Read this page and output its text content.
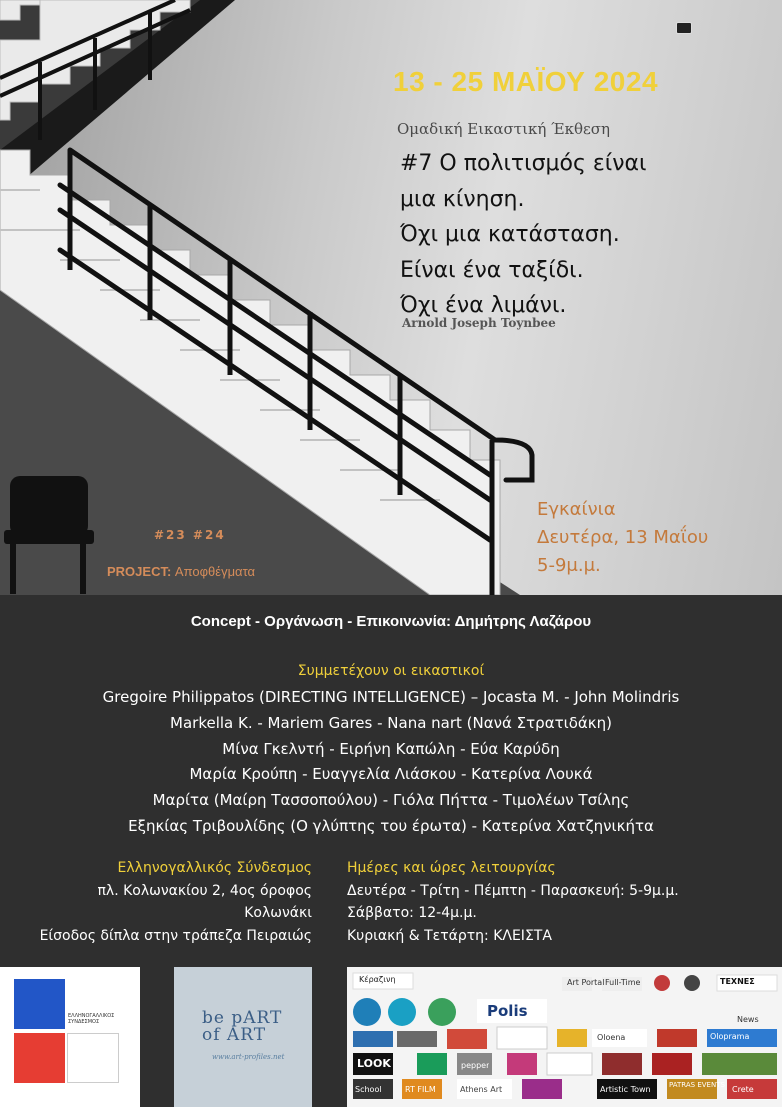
13 - 25 ΜΑΪΟΥ 2024
Ομαδική Εικαστική Έκθεση
#7 Ο πολιτισμός είναι
μια κίνηση.
Όχι μια κατάσταση.
Είναι ένα ταξίδι.
Όχι ένα λιμάνι.
Arnold Joseph Toynbee
Εγκαίνια
Δευτέρα, 13 Μαΐου
5-9μ.μ.
#23 #24
PROJECT: Αποφθέγματα
Concept - Οργάνωση - Επικοινωνία: Δημήτρης Λαζάρου
Συμμετέχουν οι εικαστικοί
Gregoire Philippatos (DIRECTING INTELLIGENCE) – Jocasta M. - John Molindris
Markella K. - Mariem Gares - Nana nart (Νανά Στρατιδάκη)
Μίνα Γκελντή - Ειρήνη Καπώλη - Εύα Καρύδη
Μαρία Κρούπη - Ευαγγελία Λιάσκου - Κατερίνα Λουκά
Μαρίτα (Μαίρη Τασσοπούλου) - Γιόλα Πήττα - Τιμολέων Τσίλης
Εξηκίας Τριβουλίδης (Ο γλύπτης του έρωτα) - Κατερίνα Χατζηνικήτα
Ελληνογαλλικός Σύνδεσμος
πλ. Κολωνακίου 2, 4ος όροφος
Κολωνάκι
Είσοδος δίπλα στην τράπεζα Πειραιώς
Ημέρες και ώρες λειτουργίας
Δευτέρα - Τρίτη - Πέμπτη - Παρασκευή: 5-9μ.μ.
Σάββατο: 12-4μ.μ.
Κυριακή & Τετάρτη: ΚΛΕΙΣΤΑ
ΕΛΛΗΝΟΓΑΛΛΙΚΟΣ ΣΥΝΔΕΣΜΟΣ	be pART
of ART
www.art-profiles.net
Κέραζινη
Polis
Art Portal Full-Time	ΤΕΧΝΕΣ
Oloprama
News
LOOK	pepper
School	RT FILM	Athens Art	Artistic Town	PATRAS EVENTS Crete
Oloena
